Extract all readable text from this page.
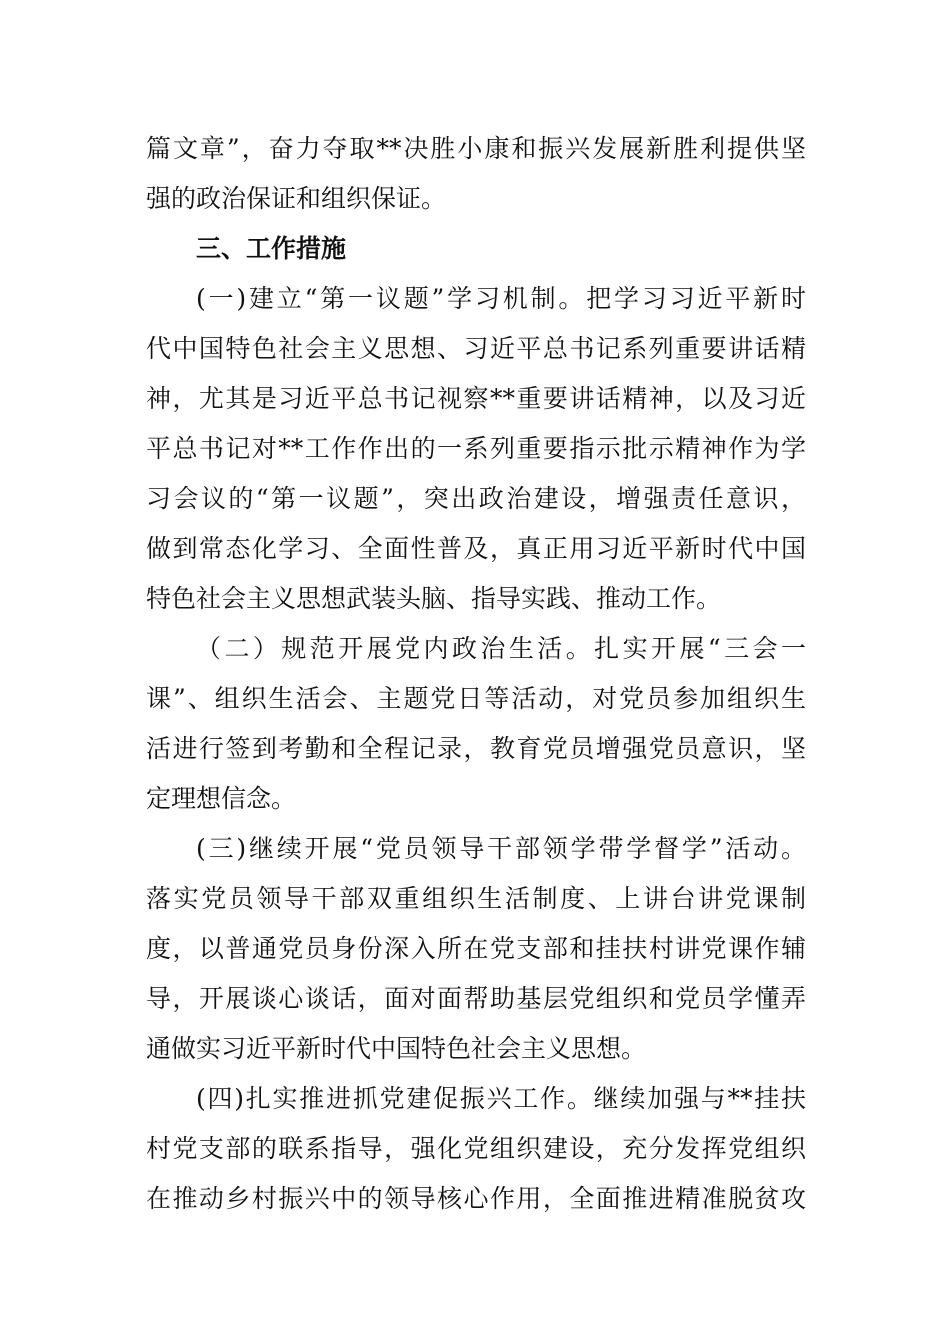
篇文章”，奋力夺取**决胜小康和振兴发展新胜利提供坚
强的政治保证和组织保证。
三、工作措施
(一)建立“第一议题”学习机制。把学习习近平新时
代中国特色社会主义思想、习近平总书记系列重要讲话精
神，尤其是习近平总书记视察**重要讲话精神，以及习近
平总书记对**工作作出的一系列重要指示批示精神作为学
习会议的“第一议题”，突出政治建设，增强责任意识，
做到常态化学习、全面性普及，真正用习近平新时代中国
特色社会主义思想武装头脑、指导实践、推动工作。
（二）规范开展党内政治生活。扎实开展“三会一
课”、组织生活会、主题党日等活动，对党员参加组织生
活进行签到考勤和全程记录，教育党员增强党员意识，坚
定理想信念。
(三)继续开展“党员领导干部领学带学督学”活动。
落实党员领导干部双重组织生活制度、上讲台讲党课制
度，以普通党员身份深入所在党支部和挂扶村讲党课作辅
导，开展谈心谈话，面对面帮助基层党组织和党员学懂弄
通做实习近平新时代中国特色社会主义思想。
(四)扎实推进抓党建促振兴工作。继续加强与**挂扶
村党支部的联系指导，强化党组织建设，充分发挥党组织
在推动乡村振兴中的领导核心作用，全面推进精准脱贫攻
